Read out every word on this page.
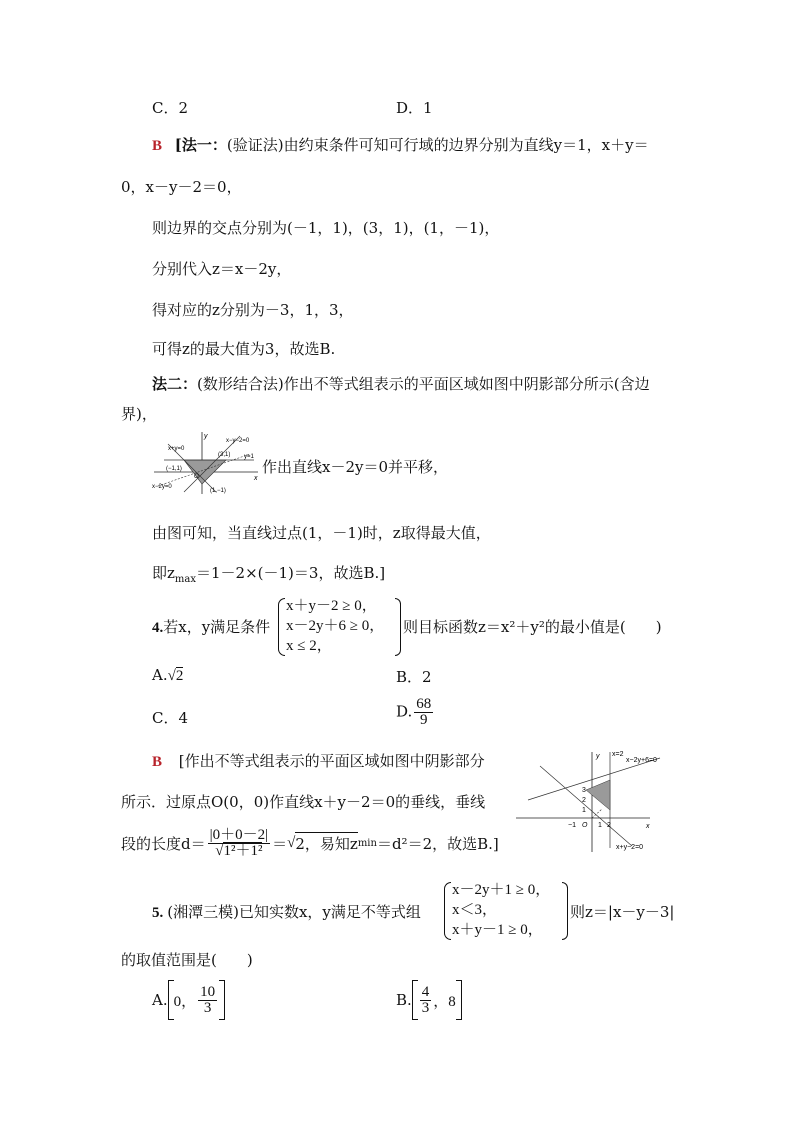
C．2	D．1
B [法一：(验证法)由约束条件可知可行域的边界分别为直线y＝1，x＋y＝
0，x－y－2＝0，
则边界的交点分别为(－1，1)，(3，1)，(1，－1)，
分别代入z＝x－2y，
得对应的z分别为－3，1，3，
可得z的最大值为3，故选B.
法二：(数形结合法)作出不等式组表示的平面区域如图中阴影部分所示(含边
界)，
y
x
x+y=0
x−y−2=0
y=1
x−2y=0
(−1,1)
(3,1)
(1,−1)
O
作出直线x－2y＝0并平移，
由图可知，当直线过点(1，－1)时，z取得最大值，
即$z_{max}=1-2\times(-1)=3$，故选B.]
4.若x，y满足条件
x＋y－2 ≥ 0，
x－2y＋6 ≥ 0，
x ≤ 2，
则目标函数z＝x²＋y²的最小值是(　　)
A.√2	B．2
C．4	D. $\frac{68}{9}$
B [作出不等式组表示的平面区域如图中阴影部分
所示．过原点O(0，0)作直线x＋y－2＝0的垂线，垂线
段的长度$d= \frac{|0+0-2|}{\text{√1²＋1²}}$ ＝ √ 2，易知z min ＝d²＝2，故选B.]
y
x
x=2
x−2y+6=0
x+y−2=0
3
2
1
−1 O 1 2
5. (湘潭三模)已知实数x，y满足不等式组
x－2y＋1 ≥ 0，
x＜3，
x＋y－1 ≥ 0，
则z＝|x－y－3|
的取值范围是(　　)
A. 0， $\frac{10}{3}$	B. $\frac{4}{3}$ ，8
